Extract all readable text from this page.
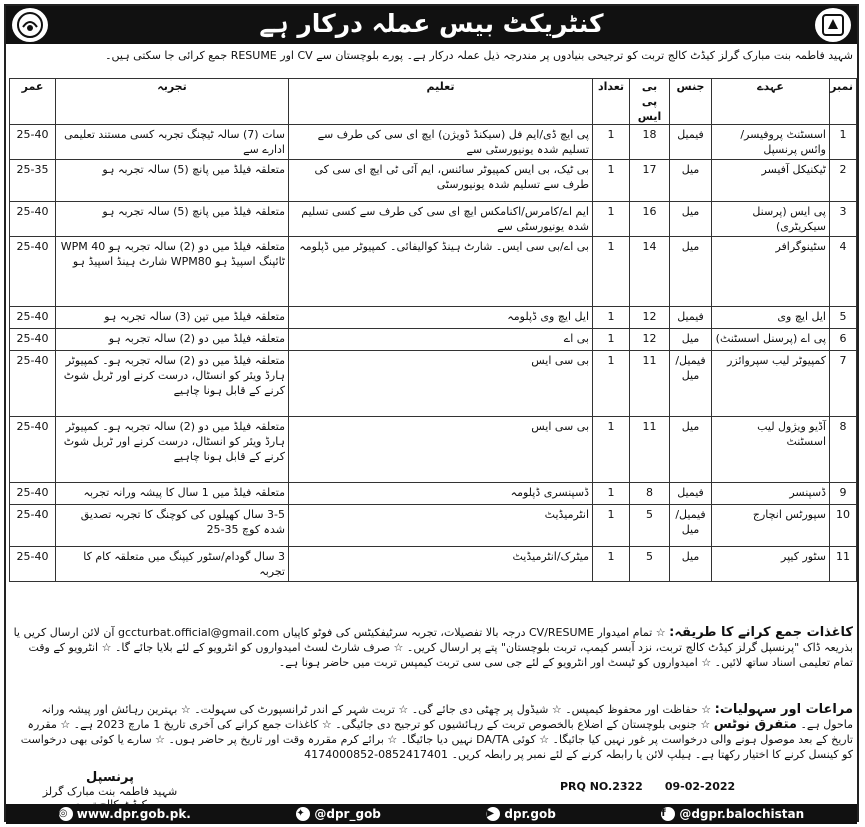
کنٹریکٹ بیس عملہ درکار ہے
شہید فاطمہ بنت مبارک گرلز کیڈٹ کالج تربت کو ترجیحی بنیادوں پر مندرجہ ذیل عملہ درکار ہے۔ پورے بلوچستان سے CV اور RESUME جمع کرائی جا سکتی ہیں۔
نمبر	عہدے	جنس	بی پی ایس	تعداد	تعلیم	تجربہ	عمر
1	اسسٹنٹ پروفیسر/وائس پرنسپل	فیمیل	18	1	پی ایچ ڈی/ایم فل (سیکنڈ ڈویژن) ایچ ای سی کی طرف سے تسلیم شدہ یونیورسٹی سے	سات (7) سالہ ٹیچنگ تجربہ کسی مستند تعلیمی ادارے سے	25-40
2	ٹیکنیکل آفیسر	میل	17	1	بی ٹیک، بی ایس کمپیوٹر سائنس، ایم آئی ٹی ایچ ای سی کی طرف سے تسلیم شدہ یونیورسٹی	متعلقہ فیلڈ میں پانچ (5) سالہ تجربہ ہو	25-35
3	پی ایس (پرسنل سیکریٹری)	میل	16	1	ایم اے/کامرس/اکنامکس ایچ ای سی کی طرف سے کسی تسلیم شدہ یونیورسٹی سے	متعلقہ فیلڈ میں پانچ (5) سالہ تجربہ ہو	25-40
4	سٹینوگرافر	میل	14	1	بی اے/بی سی ایس۔ شارٹ ہینڈ کوالیفائی۔ کمپیوٹر میں ڈپلومہ	متعلقہ فیلڈ میں دو (2) سالہ تجربہ ہو 40 WPM ٹائپنگ اسپیڈ ہو WPM80 شارٹ ہینڈ اسپیڈ ہو	25-40
5	ایل ایچ وی	فیمیل	12	1	ایل ایچ وی ڈپلومہ	متعلقہ فیلڈ میں تین (3) سالہ تجربہ ہو	25-40
6	پی اے (پرسنل اسسٹنٹ)	میل	12	1	بی اے	متعلقہ فیلڈ میں دو (2) سالہ تجربہ ہو	25-40
7	کمپیوٹر لیب سپروائزر	فیمیل/میل	11	1	بی سی ایس	متعلقہ فیلڈ میں دو (2) سالہ تجربہ ہو۔ کمپیوٹر ہارڈ ویئر کو انسٹال، درست کرنے اور ٹربل شوٹ کرنے کے قابل ہونا چاہیے	25-40
8	آڈیو ویژول لیب اسسٹنٹ	میل	11	1	بی سی ایس	متعلقہ فیلڈ میں دو (2) سالہ تجربہ ہو۔ کمپیوٹر ہارڈ ویئر کو انسٹال، درست کرنے اور ٹربل شوٹ کرنے کے قابل ہونا چاہیے	25-40
9	ڈسپنسر	فیمیل	8	1	ڈسپنسری ڈپلومہ	متعلقہ فیلڈ میں 1 سال کا پیشہ ورانہ تجربہ	25-40
10	سپورٹس انچارج	فیمیل/میل	5	1	انٹرمیڈیٹ	3-5 سال کھیلوں کی کوچنگ کا تجربہ تصدیق شدہ کوچ 35-25	25-40
11	سٹور کیپر	میل	5	1	میٹرک/انٹرمیڈیٹ	3 سال گودام/سٹور کیپنگ میں متعلقہ کام کا تجربہ	25-40
کاغذات جمع کرانے کا طریقہ: ☆ تمام امیدوار CV/RESUME درجہ بالا تفصیلات، تجربہ سرٹیفکیٹس کی فوٹو کاپیاں gccturbat.official@gmail.com آن لائن ارسال کریں یا بذریعہ ڈاک "پرنسپل گرلز کیڈٹ کالج تربت، نزد آبسر کیمپ، تربت بلوچستان" پتے پر ارسال کریں۔ ☆ صرف شارٹ لسٹ امیدواروں کو انٹرویو کے لئے بلایا جائے گا۔ ☆ انٹرویو کے وقت تمام تعلیمی اسناد ساتھ لائیں۔ ☆ امیدواروں کو ٹیسٹ اور انٹرویو کے لئے جی سی سی تربت کیمپس تربت میں حاضر ہونا ہے۔
مراعات اور سہولیات: ☆ حفاظت اور محفوظ کیمپس۔ ☆ شیڈول پر چھٹی دی جائے گی۔ ☆ تربت شہر کے اندر ٹرانسپورٹ کی سہولت۔ ☆ بہترین رہائش اور پیشہ ورانہ ماحول ہے۔ متفرق نوٹس ☆ جنوبی بلوچستان کے اضلاع بالخصوص تربت کے رہائشیوں کو ترجیح دی جائیگی۔ ☆ کاغذات جمع کرانے کی آخری تاریخ 1 مارچ 2023 ہے۔ ☆ مقررہ تاریخ کے بعد موصول ہونے والی درخواست پر غور نہیں کیا جائیگا۔ ☆ کوئی DA/TA نہیں دیا جائیگا۔ ☆ برائے کرم مقررہ وقت اور تاریخ پر حاضر ہوں۔ ☆ سارے یا کوئی بھی درخواست کو کینسل کرنے کا اختیار رکھتا ہے۔ ہیلپ لائن یا رابطہ کرنے کے لئے نمبر پر رابطہ کریں۔ 0852417401-4174000852
پرنسپل
شہید فاطمہ بنت مبارک گرلز	PRQ NO.2322 09-02-2022
◎ www.dpr.gob.pk.	✦ @dpr_gob	▶ dpr.gob	f	@dgpr.balochistan
